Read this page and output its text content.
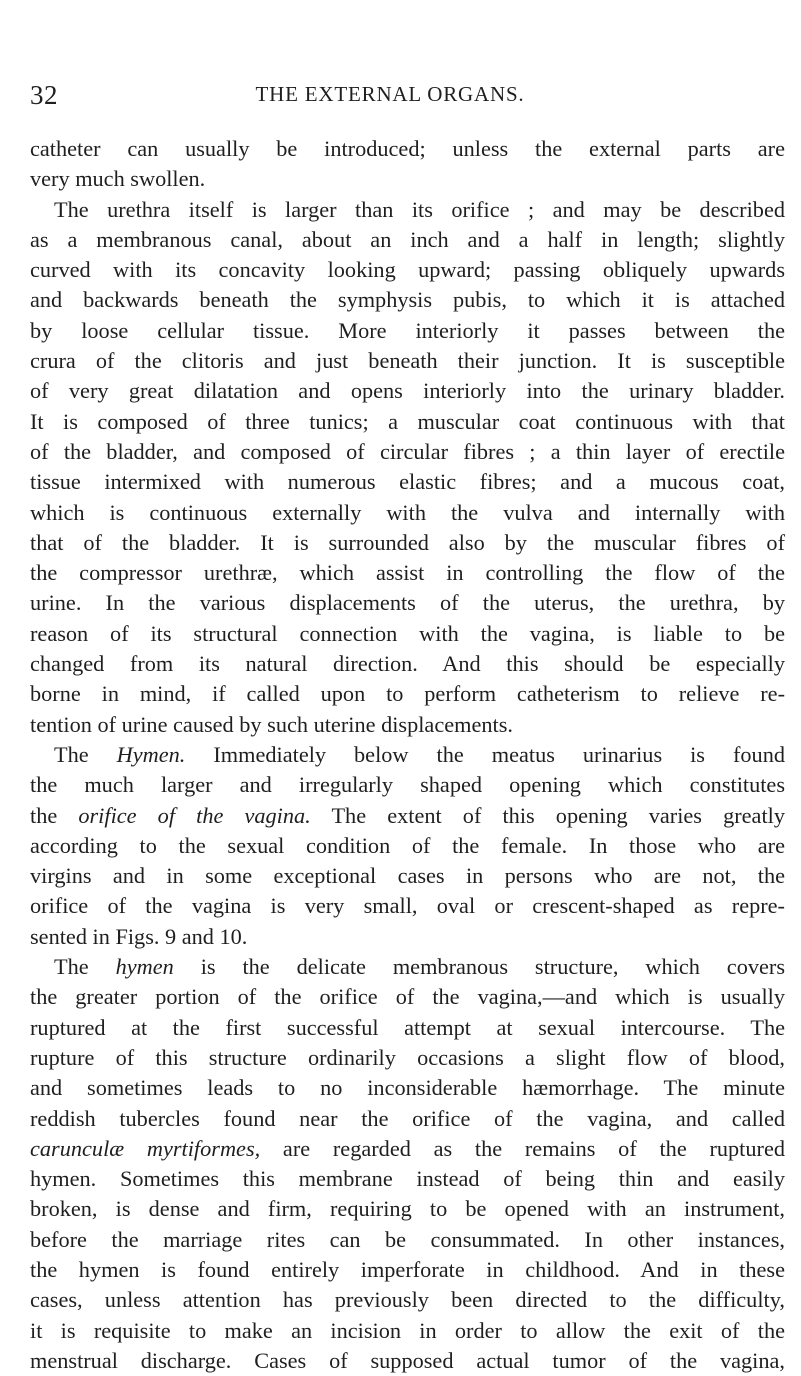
32	THE EXTERNAL ORGANS.
catheter can usually be introduced; unless the external parts are
very much swollen.
The urethra itself is larger than its orifice ; and may be described
as a membranous canal, about an inch and a half in length; slightly
curved with its concavity looking upward; passing obliquely upwards
and backwards beneath the symphysis pubis, to which it is attached
by loose cellular tissue. More interiorly it passes between the
crura of the clitoris and just beneath their junction. It is susceptible
of very great dilatation and opens interiorly into the urinary bladder.
It is composed of three tunics; a muscular coat continuous with that
of the bladder, and composed of circular fibres ; a thin layer of erectile
tissue intermixed with numerous elastic fibres; and a mucous coat,
which is continuous externally with the vulva and internally with
that of the bladder. It is surrounded also by the muscular fibres of
the compressor urethræ, which assist in controlling the flow of the
urine. In the various displacements of the uterus, the urethra, by
reason of its structural connection with the vagina, is liable to be
changed from its natural direction. And this should be especially
borne in mind, if called upon to perform catheterism to relieve re-
tention of urine caused by such uterine displacements.
The Hymen. Immediately below the meatus urinarius is found
the much larger and irregularly shaped opening which constitutes
the orifice of the vagina. The extent of this opening varies greatly
according to the sexual condition of the female. In those who are
virgins and in some exceptional cases in persons who are not, the
orifice of the vagina is very small, oval or crescent-shaped as repre-
sented in Figs. 9 and 10.
The hymen is the delicate membranous structure, which covers
the greater portion of the orifice of the vagina,—and which is usually
ruptured at the first successful attempt at sexual intercourse. The
rupture of this structure ordinarily occasions a slight flow of blood,
and sometimes leads to no inconsiderable hæmorrhage. The minute
reddish tubercles found near the orifice of the vagina, and called
carunculæ myrtiformes, are regarded as the remains of the ruptured
hymen. Sometimes this membrane instead of being thin and easily
broken, is dense and firm, requiring to be opened with an instrument,
before the marriage rites can be consummated. In other instances,
the hymen is found entirely imperforate in childhood. And in these
cases, unless attention has previously been directed to the difficulty,
it is requisite to make an incision in order to allow the exit of the
menstrual discharge. Cases of supposed actual tumor of the vagina,
